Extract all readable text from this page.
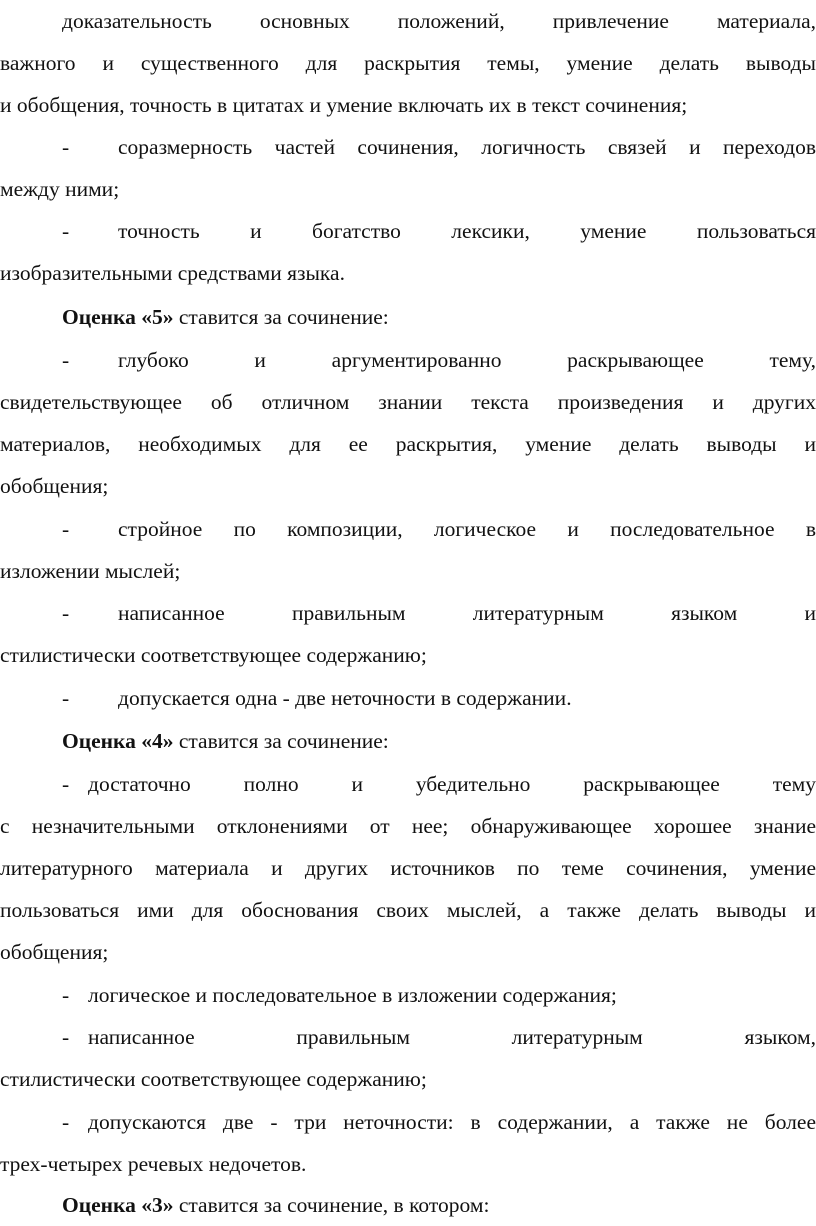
доказательность основных положений, привлечение материала,

важного и существенного для раскрытия темы, умение делать выводы

и обобщения, точность в цитатах и умение включать их в текст сочинения;

-	соразмерность частей сочинения, логичность связей и переходов

между ними;

-	точность и богатство лексики, умение пользоваться

изобразительными средствами языка.

Оценка «5» ставится за сочинение:

-	глубоко и аргументированно раскрывающее тему,

свидетельствующее об отличном знании текста произведения и других

материалов, необходимых для ее раскрытия, умение делать выводы и

обобщения;

-	стройное по композиции, логическое и последовательное в

изложении мыслей;

-	написанное правильным литературным языком и

стилистически соответствующее содержанию;

-	допускается одна - две неточности в содержании.

Оценка «4» ставится за сочинение:

- достаточно полно и убедительно раскрывающее тему

с незначительными отклонениями от нее; обнаруживающее хорошее знание

литературного материала и других источников по теме сочинения, умение

пользоваться ими для обоснования своих мыслей, а также делать выводы и

обобщения;

- логическое и последовательное в изложении содержания;
- написанное правильным литературным языком,

стилистически соответствующее содержанию;

- допускаются две - три неточности: в содержании, а также не более

трех-четырех речевых недочетов.

Оценка «3» ставится за сочинение, в котором:
